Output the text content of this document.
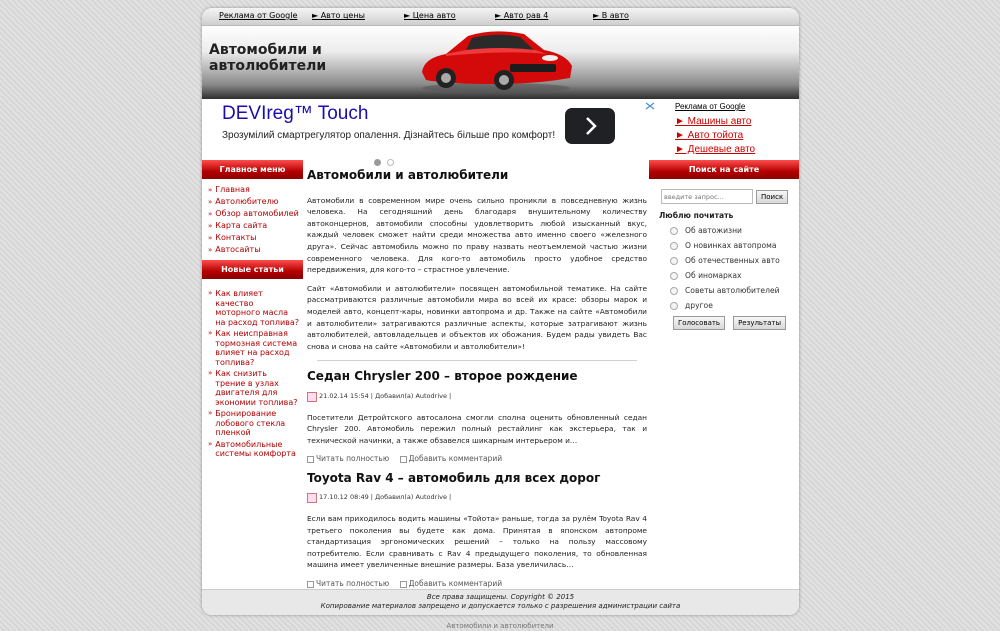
Реклама от Google ► Авто цены	► Цена авто	► Авто рав 4	► В авто
Автомобили и автолюбители
DEVIreg™ Touch
Зрозумілий смартрегулятор опалення. Дізнайтесь більше про комфорт!
Реклама от Google
► Машины авто
► Авто тойота
► Дешевые авто
Главное меню
» Главная
» Автолюбителю
» Обзор автомобилей
» Карта сайта
» Контакты
» Автосайты
Новые статьи
» Как влияет качество моторного масла на расход топлива?
» Как неисправная тормозная система влияет на расход топлива?
» Как снизить трение в узлах двигателя для экономии топлива?
» Бронирование лобового стекла пленкой
» Автомобильные системы комфорта
Автомобили и автолюбители

Автомобили в современном мире очень сильно проникли в повседневную жизнь человека. На сегодняшний день благодаря внушительному количеству автоконцернов, автомобили способны удовлетворить любой изысканный вкус, каждый человек сможет найти среди множества авто именно своего «железного друга». Сейчас автомобиль можно по праву назвать неотъемлемой частью жизни современного человека. Для кого-то автомобиль просто удобное средство передвижения, для кого-то – страстное увлечение.

Сайт «Автомобили и автолюбители» посвящен автомобильной тематике. На сайте рассматриваются различные автомобили мира во всей их красе: обзоры марок и моделей авто, концепт-кары, новинки автопрома и др. Также на сайте «Автомобили и автолюбители» затрагиваются различные аспекты, которые затрагивают жизнь автолюбителей, автовладельцев и объектов их обожания. Будем рады увидеть Вас снова и снова на сайте «Автомобили и автолюбители»!

Седан Chrysler 200 – второе рождение
21.02.14 15:54 | Добавил(а) Autodrive |

Посетители Детройтского автосалона смогли сполна оценить обновленный седан Chrysler 200. Автомобиль пережил полный рестайлинг как экстерьера, так и технической начинки, а также обзавелся шикарным интерьером и…

Читать полностью	Добавить комментарий
Toyota Rav 4 – автомобиль для всех дорог
17.10.12 08:49 | Добавил(а) Autodrive |

Если вам приходилось водить машины «Тойота» раньше, тогда за рулём Toyota Rav 4 третьего поколения вы будете как дома. Принятая в японском автопроме стандартизация эргономических решений – только на пользу массовому потребителю. Если сравнивать с Rav 4 предыдущего поколения, то обновленная машина имеет увеличенные внешние размеры. База увеличилась…

Читать полностью	Добавить комментарий
Поиск на сайте
введите запрос...
Поиск
Люблю почитать
Об автожизни
О новинках автопрома
Об отечественных авто
Об иномарках
Советы автолюбителей
другое
Голосовать	Результаты
Все права защищены. Copyright © 2015
Копирование материалов запрещено и допускается только с разрешения администрации сайта
Автомобили и автолюбители
